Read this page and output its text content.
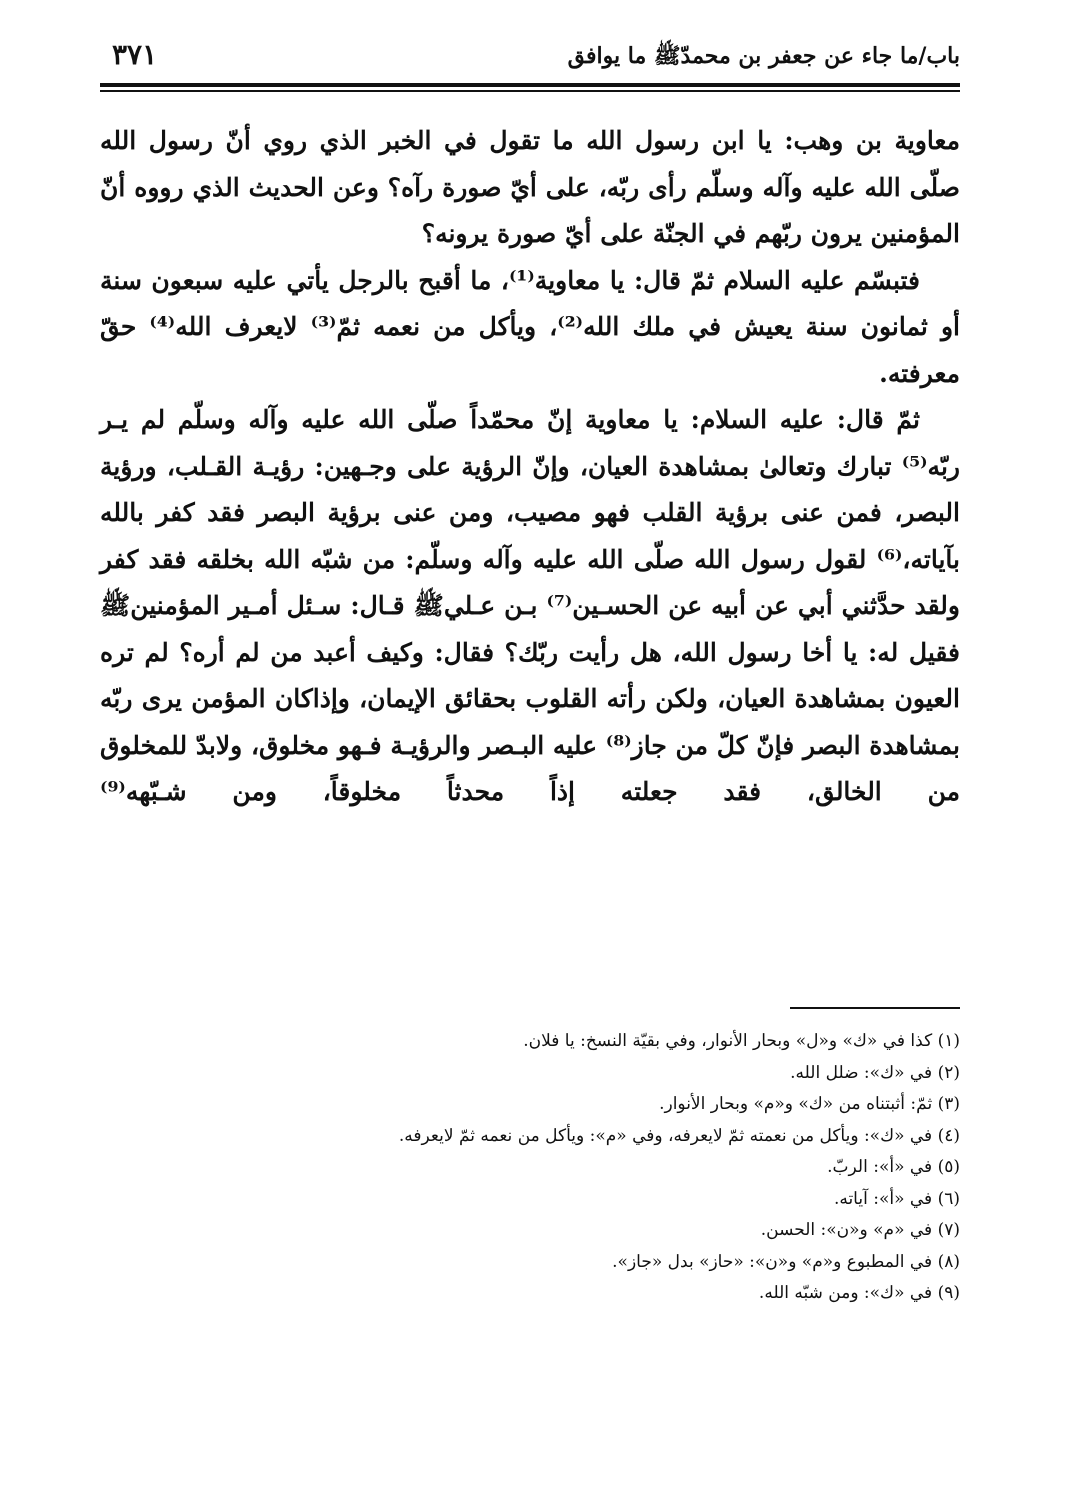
باب/ما جاء عن جعفر بن محمدّﷺ ما يوافق
٣٧١

معاوية بن وهب: يا ابن رسول الله ما تقول في الخبر الذي روي أنّ رسول الله صلّى الله عليه وآله وسلّم رأى ربّه، على أيّ صورة رآه؟ وعن الحديث الذي رووه أنّ المؤمنين يرون ربّهم في الجنّة على أيّ صورة يرونه؟

فتبسّم عليه السلام ثمّ قال: يا معاوية⁽¹⁾، ما أقبح بالرجل يأتي عليه سبعون سنة أو ثمانون سنة يعيش في ملك الله⁽²⁾، ويأكل من نعمه ثمّ⁽³⁾ لايعرف الله⁽⁴⁾ حقّ معرفته.

ثمّ قال: عليه السلام: يا معاوية إنّ محمّداً صلّى الله عليه وآله وسلّم لم يـر ربّه⁽⁵⁾ تبارك وتعالىٰ بمشاهدة العيان، وإنّ الرؤية على وجـهين: رؤيـة القـلب، ورؤية البصر، فمن عنى برؤية القلب فهو مصيب، ومن عنى برؤية البصر فقد كفر بالله بآياته،⁽⁶⁾ لقول رسول الله صلّى الله عليه وآله وسلّم: من شبّه الله بخلقه فقد كفر ولقد حدَّثني أبي عن أبيه عن الحسـين⁽⁷⁾ بـن عـليﷺ قـال: سـئل أمـير المؤمنينﷺ فقيل له: يا أخا رسول الله، هل رأيت ربّك؟ فقال: وكيف أعبد من لم أره؟ لم تره العيون بمشاهدة العيان، ولكن رأته القلوب بحقائق الإيمان، وإذاكان المؤمن يرى ربّه بمشاهدة البصر فإنّ كلّ من جاز⁽⁸⁾ عليه البـصر والرؤيـة فـهو مخلوق، ولابدّ للمخلوق من الخالق، فقد جعلته إذاً محدثاً مخلوقاً، ومن شـبّهه⁽⁹⁾

(١) كذا في «ك» و«ل» وبحار الأنوار، وفي بقيّة النسخ: يا فلان.
(٢) في «ك»: ضلل الله.
(٣) ثمّ: أثبتناه من «ك» و«م» وبحار الأنوار.
(٤) في «ك»: ويأكل من نعمته ثمّ لايعرفه، وفي «م»: ويأكل من نعمه ثمّ لايعرفه.
(٥) في «أ»: الربّ.
(٦) في «أ»: آياته.
(٧) في «م» و«ن»: الحسن.
(٨) في المطبوع و«م» و«ن»: «حاز» بدل «جاز».
(٩) في «ك»: ومن شبّه الله.
